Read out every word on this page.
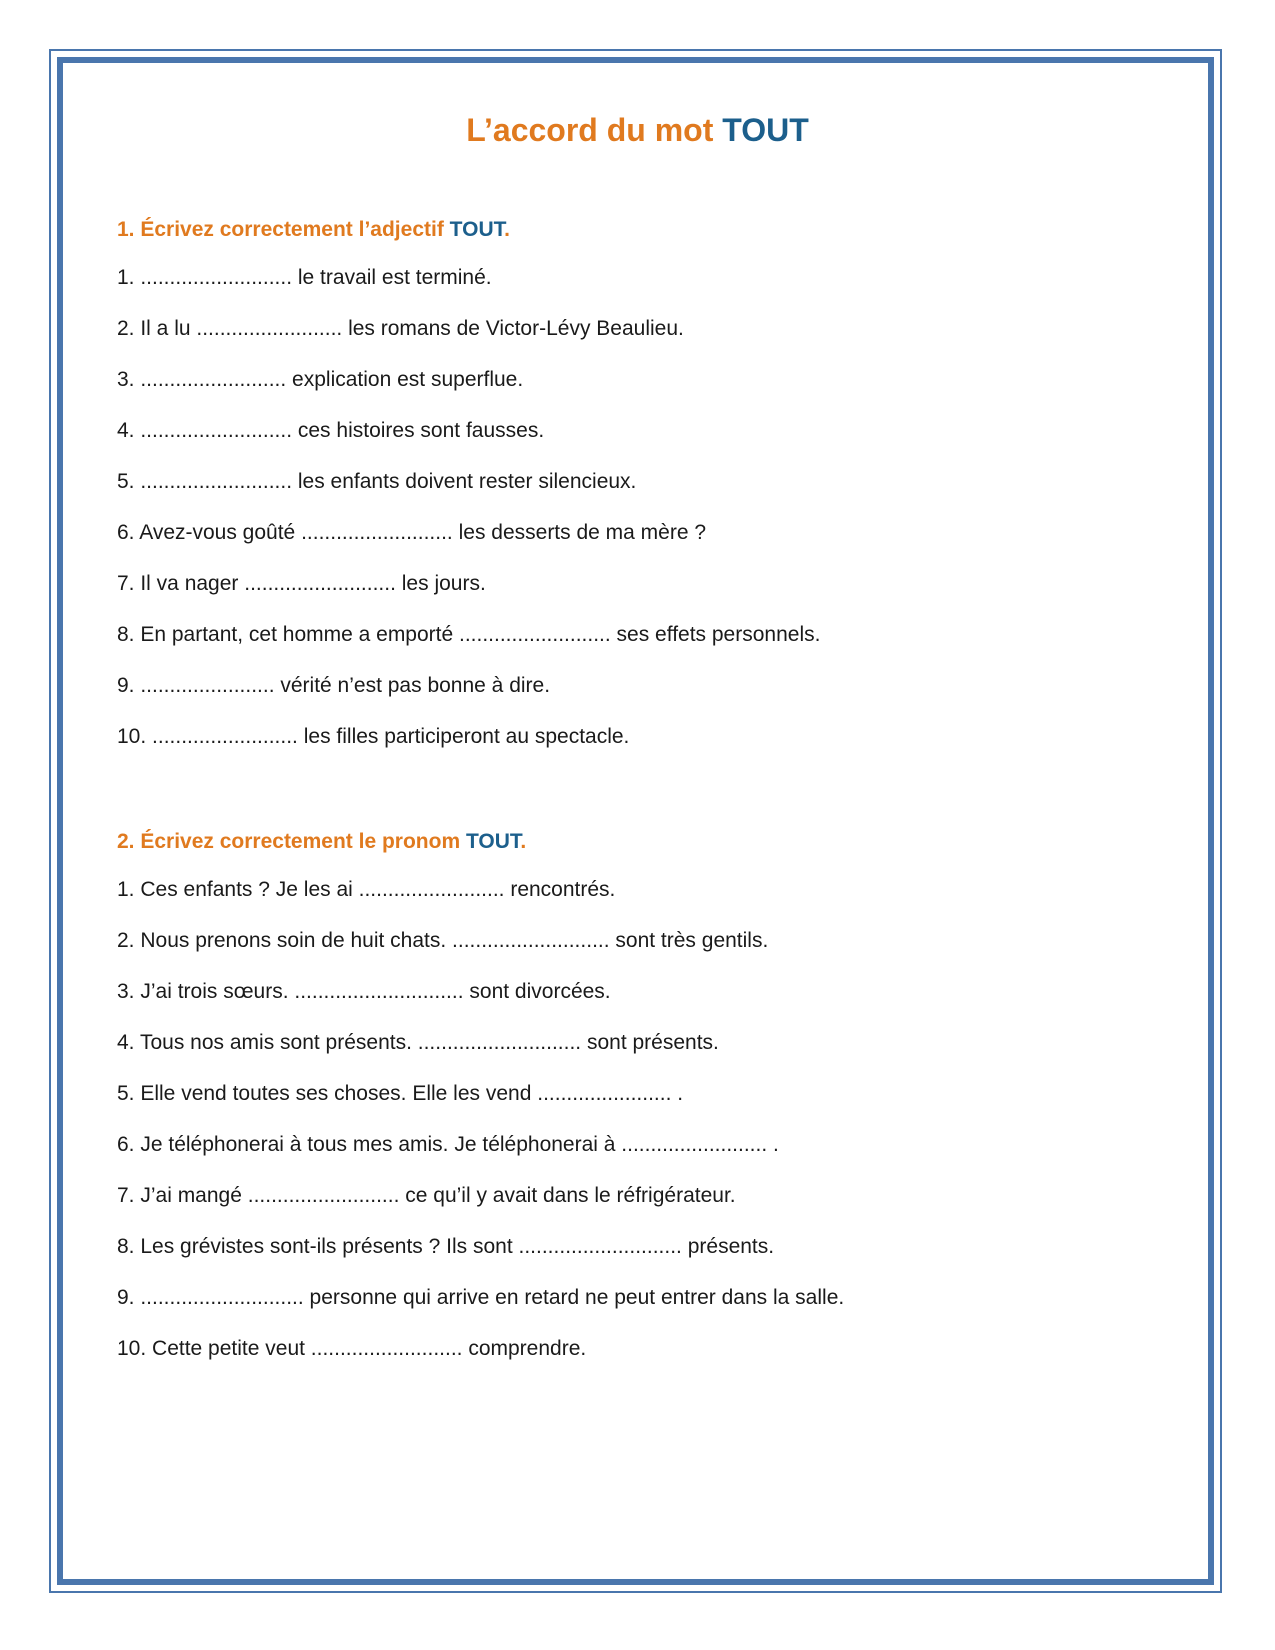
L’accord du mot TOUT
1. Écrivez correctement l’adjectif TOUT.
1. .......................... le travail est terminé.
2. Il a lu ......................... les romans de Victor-Lévy Beaulieu.
3. ......................... explication est superflue.
4. .......................... ces histoires sont fausses.
5. .......................... les enfants doivent rester silencieux.
6. Avez-vous goûté .......................... les desserts de ma mère ?
7. Il va nager .......................... les jours.
8. En partant, cet homme a emporté .......................... ses effets personnels.
9. ....................... vérité n’est pas bonne à dire.
10. ......................... les filles participeront au spectacle.
2. Écrivez correctement le pronom TOUT.
1. Ces enfants ? Je les ai ......................... rencontrés.
2. Nous prenons soin de huit chats. ........................... sont très gentils.
3. J’ai trois sœurs. ............................. sont divorcées.
4. Tous nos amis sont présents. ............................ sont présents.
5. Elle vend toutes ses choses. Elle les vend ....................... .
6. Je téléphonerai à tous mes amis. Je téléphonerai à ......................... .
7. J’ai mangé .......................... ce qu’il y avait dans le réfrigérateur.
8. Les grévistes sont-ils présents ? Ils sont ............................ présents.
9. ............................ personne qui arrive en retard ne peut entrer dans la salle.
10. Cette petite veut .......................... comprendre.
